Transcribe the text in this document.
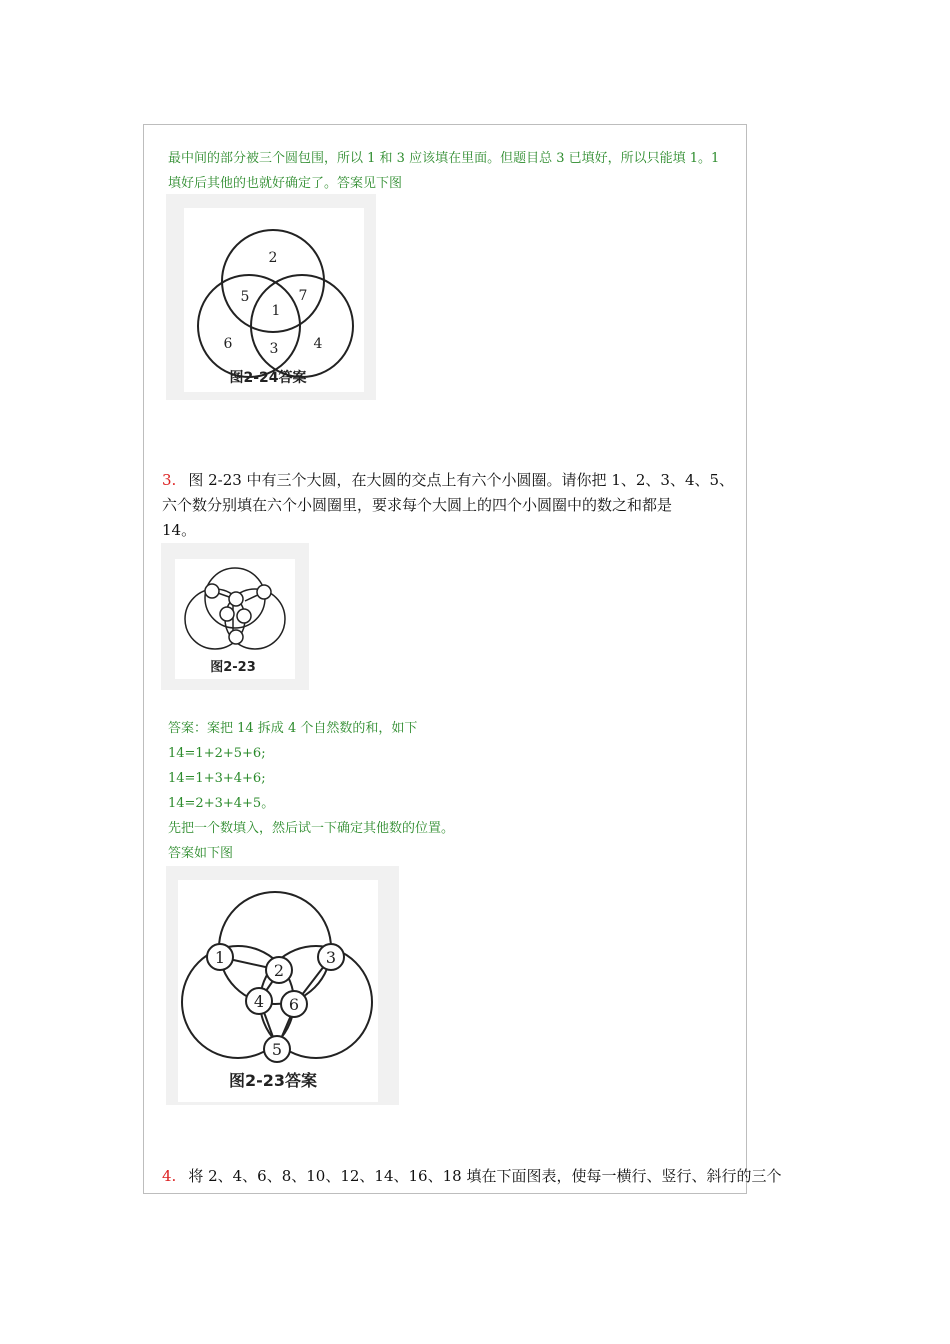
最中间的部分被三个圆包围，所以 1 和 3 应该填在里面。但题目总 3 已填好，所以只能填 1。1
填好后其他的也就好确定了。答案见下图
2
5	7
1
6	3	4
图2-24答案
3. 图 2-23 中有三个大圆，在大圆的交点上有六个小圆圈。请你把 1、2、3、4、5、
六个数分别填在六个小圆圈里，要求每个大圆上的四个小圆圈中的数之和都是
14。
图2-23
答案：案把 14 拆成 4 个自然数的和，如下
14=1+2+5+6;
14=1+3+4+6;
14=2+3+4+5。
先把一个数填入，然后试一下确定其他数的位置。
答案如下图
1
2
3
4 6
5
图2-23答案
4. 将 2、4、6、8、10、12、14、16、18 填在下面图表，使每一横行、竖行、斜行的三个
